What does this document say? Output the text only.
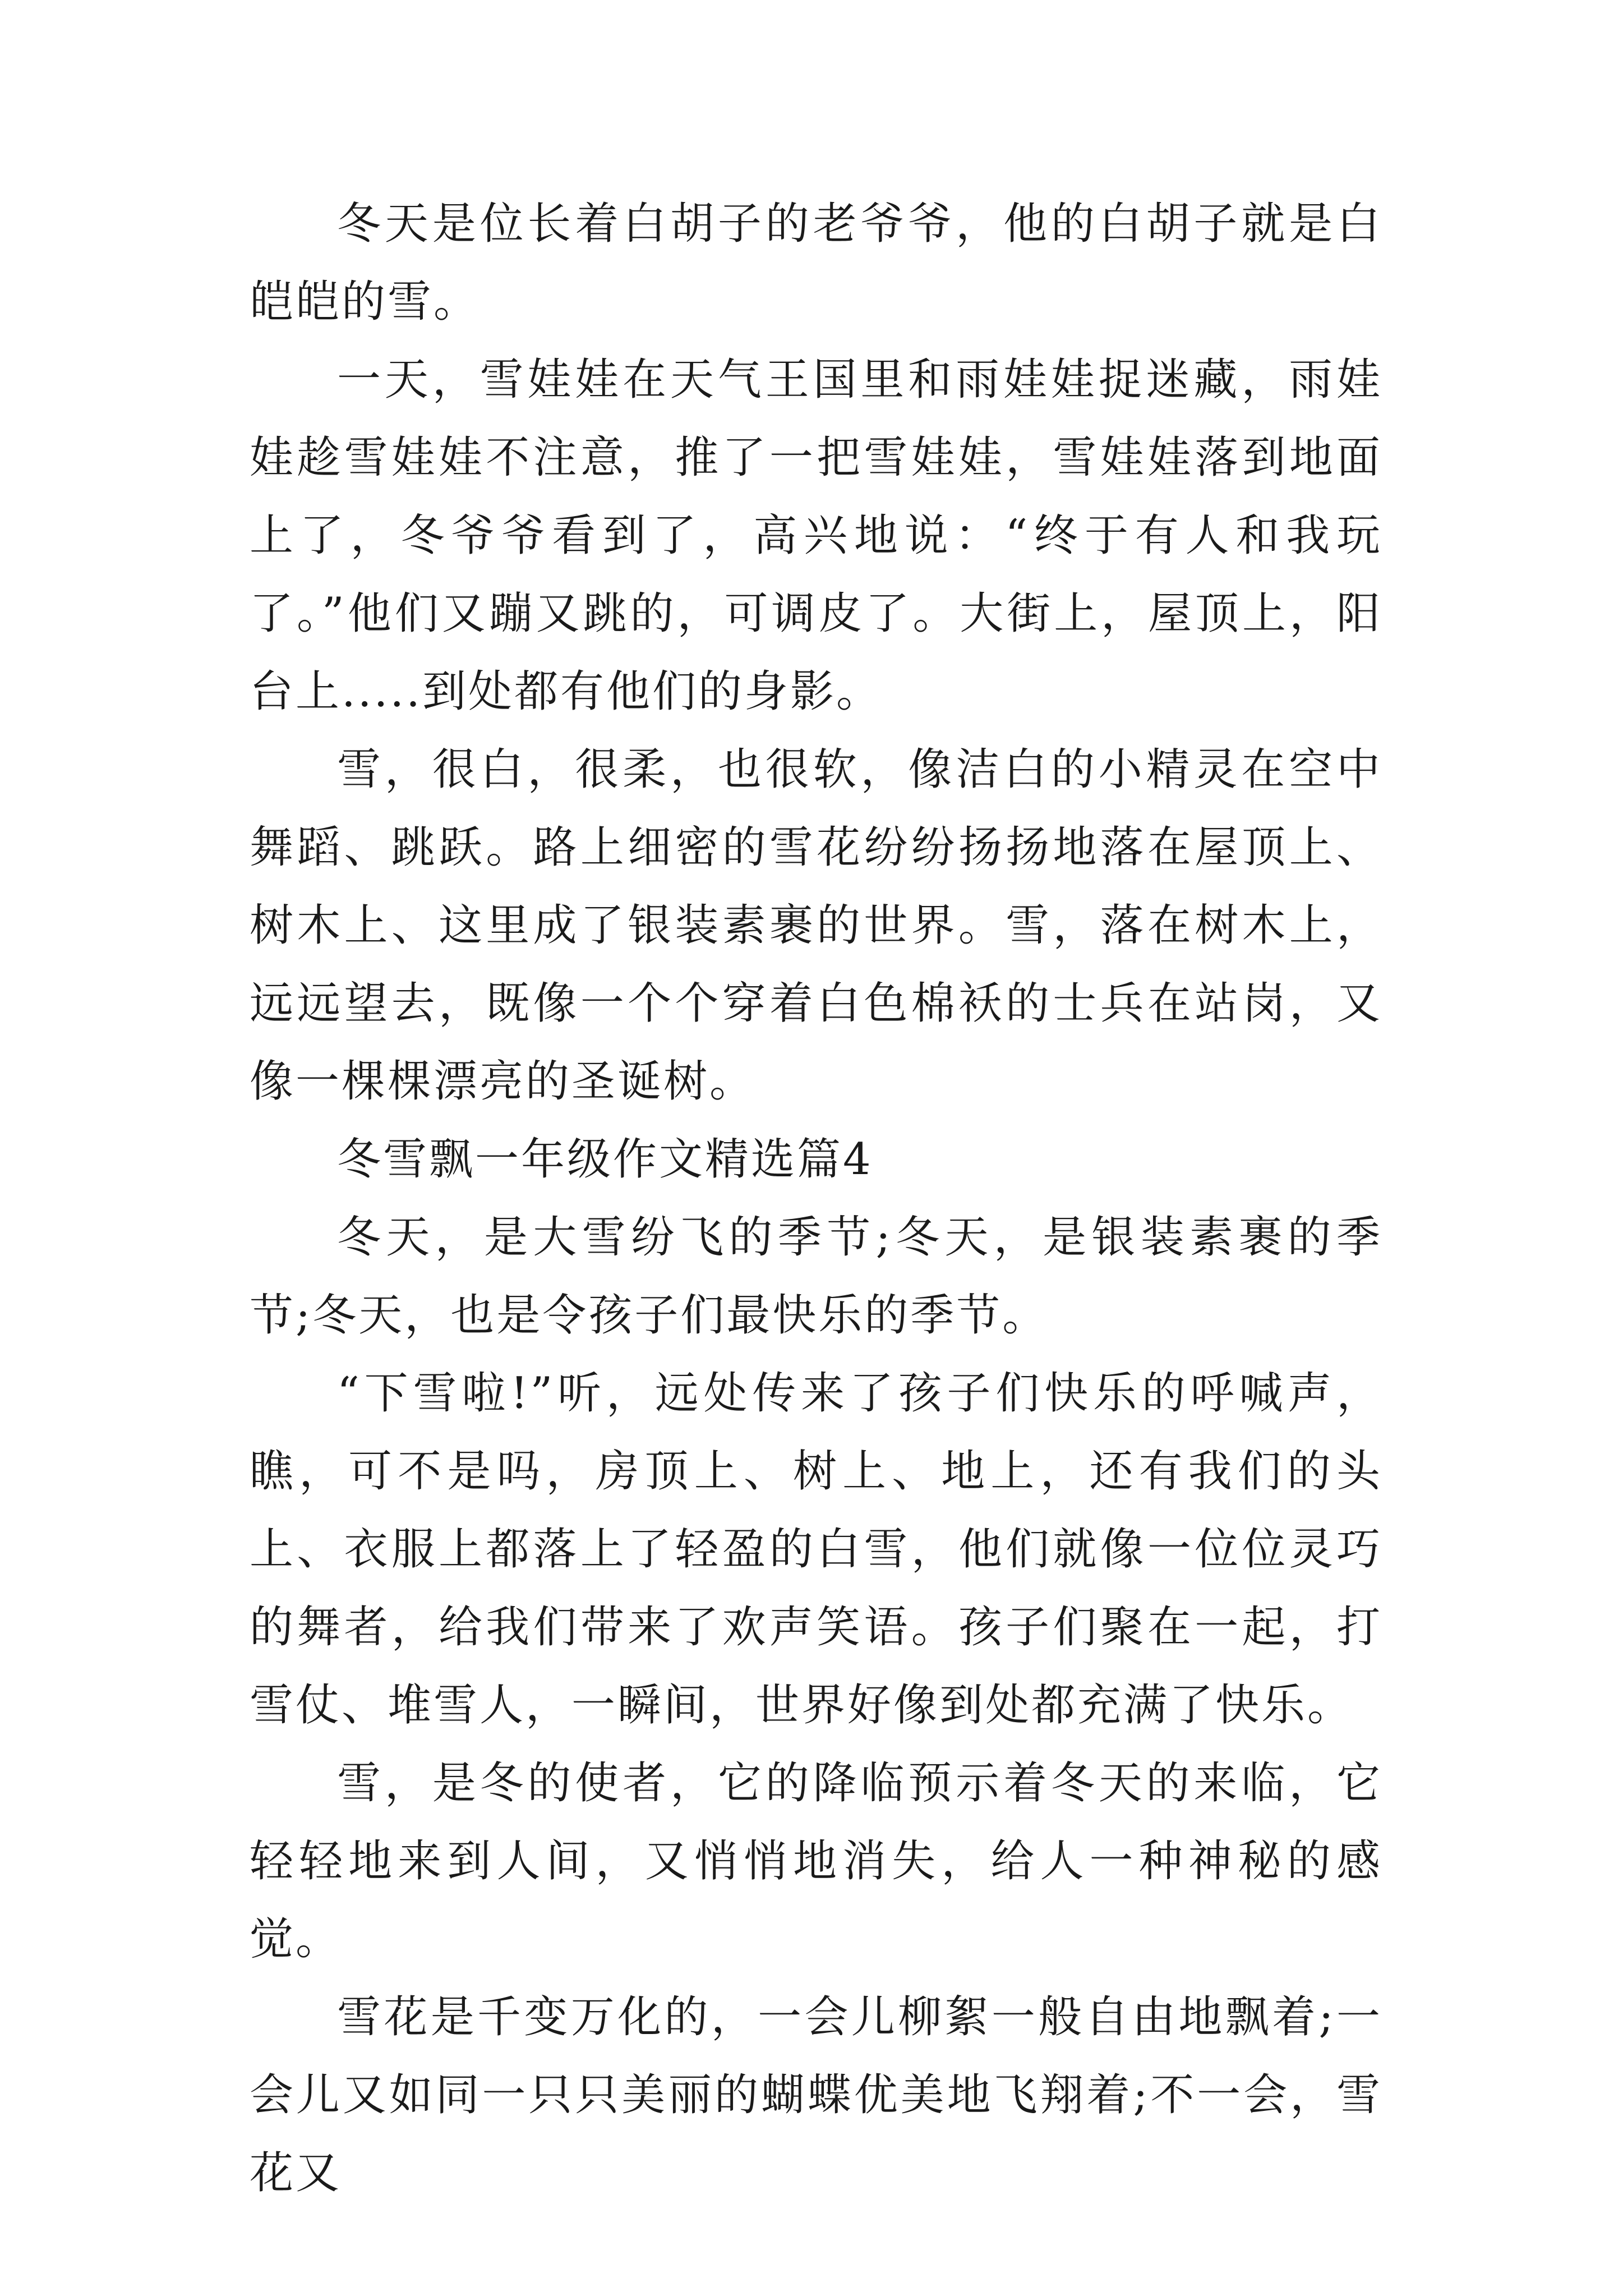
冬天是位长着白胡子的老爷爷，他的白胡子就是白皑皑的雪。

一天，雪娃娃在天气王国里和雨娃娃捉迷藏，雨娃娃趁雪娃娃不注意，推了一把雪娃娃，雪娃娃落到地面上了，冬爷爷看到了，高兴地说：“终于有人和我玩了。”他们又蹦又跳的，可调皮了。大街上，屋顶上，阳台上.....到处都有他们的身影。

雪，很白，很柔，也很软，像洁白的小精灵在空中舞蹈、跳跃。路上细密的雪花纷纷扬扬地落在屋顶上、树木上、这里成了银装素裹的世界。雪，落在树木上，远远望去，既像一个个穿着白色棉袄的士兵在站岗，又像一棵棵漂亮的圣诞树。

冬雪飘一年级作文精选篇4

冬天，是大雪纷飞的季节;冬天，是银装素裹的季节;冬天，也是令孩子们最快乐的季节。

“下雪啦!”听，远处传来了孩子们快乐的呼喊声，瞧，可不是吗，房顶上、树上、地上，还有我们的头上、衣服上都落上了轻盈的白雪，他们就像一位位灵巧的舞者，给我们带来了欢声笑语。孩子们聚在一起，打雪仗、堆雪人，一瞬间，世界好像到处都充满了快乐。

雪，是冬的使者，它的降临预示着冬天的来临，它轻轻地来到人间，又悄悄地消失，给人一种神秘的感觉。

雪花是千变万化的，一会儿柳絮一般自由地飘着;一会儿又如同一只只美丽的蝴蝶优美地飞翔着;不一会，雪花又
